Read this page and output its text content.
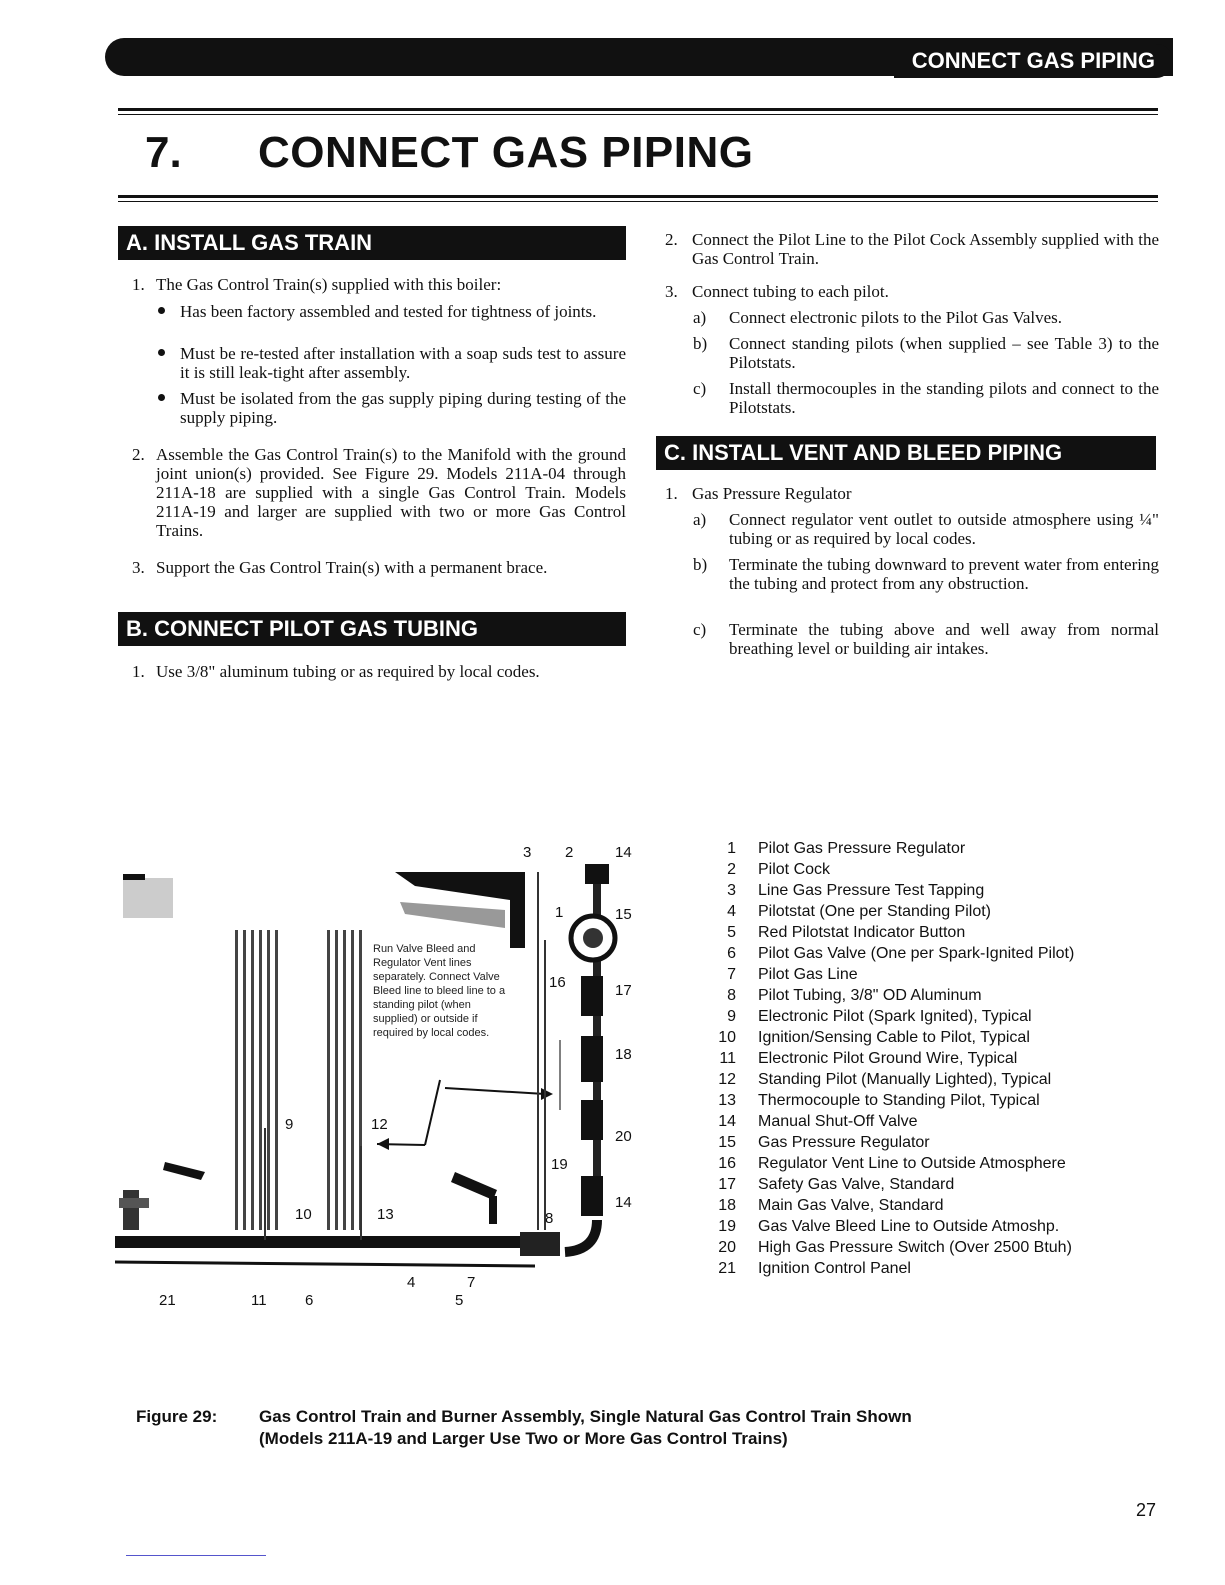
CONNECT GAS PIPING
7. CONNECT GAS PIPING
A. INSTALL GAS TRAIN
1. The Gas Control Train(s) supplied with this boiler:
Has been factory assembled and tested for tightness of joints.
Must be re-tested after installation with a soap suds test to assure it is still leak-tight after assembly.
Must be isolated from the gas supply piping during testing of the supply piping.
2. Assemble the Gas Control Train(s) to the Manifold with the ground joint union(s) provided. See Figure 29. Models 211A-04 through 211A-18 are supplied with a single Gas Control Train. Models 211A-19 and larger are supplied with two or more Gas Control Trains.
3. Support the Gas Control Train(s) with a permanent brace.
B. CONNECT PILOT GAS TUBING
1. Use 3/8" aluminum tubing or as required by local codes.
2. Connect the Pilot Line to the Pilot Cock Assembly supplied with the Gas Control Train.
3. Connect tubing to each pilot.
a) Connect electronic pilots to the Pilot Gas Valves.
b) Connect standing pilots (when supplied – see Table 3) to the Pilotstats.
c) Install thermocouples in the standing pilots and connect to the Pilotstats.
C. INSTALL VENT AND BLEED PIPING
1. Gas Pressure Regulator
a) Connect regulator vent outlet to outside atmosphere using ¼" tubing or as required by local codes.
b) Terminate the tubing downward to prevent water from entering the tubing and protect from any obstruction.
c) Terminate the tubing above and well away from normal breathing level or building air intakes.
Run Valve Bleed and Regulator Vent lines separately. Connect Valve Bleed line to bleed line to a standing pilot (when supplied) or outside if required by local codes.
3 2	14
1	15
16	17
18
9	12
20
19
14
10	13	8
4	7
21	11	6	5
1 Pilot Gas Pressure Regulator
2 Pilot Cock
3 Line Gas Pressure Test Tapping
4 Pilotstat (One per Standing Pilot)
5 Red Pilotstat Indicator Button
6 Pilot Gas Valve (One per Spark-Ignited Pilot)
7 Pilot Gas Line
8 Pilot Tubing, 3/8" OD Aluminum
9 Electronic Pilot (Spark Ignited), Typical
10 Ignition/Sensing Cable to Pilot, Typical
11 Electronic Pilot Ground Wire, Typical
12 Standing Pilot (Manually Lighted), Typical
13 Thermocouple to Standing Pilot, Typical
14 Manual Shut-Off Valve
15 Gas Pressure Regulator
16 Regulator Vent Line to Outside Atmosphere
17 Safety Gas Valve, Standard
18 Main Gas Valve, Standard
19 Gas Valve Bleed Line to Outside Atmoshp.
20 High Gas Pressure Switch (Over 2500 Btuh)
21 Ignition Control Panel
Figure 29: Gas Control Train and Burner Assembly, Single Natural Gas Control Train Shown
(Models 211A-19 and Larger Use Two or More Gas Control Trains)
27
